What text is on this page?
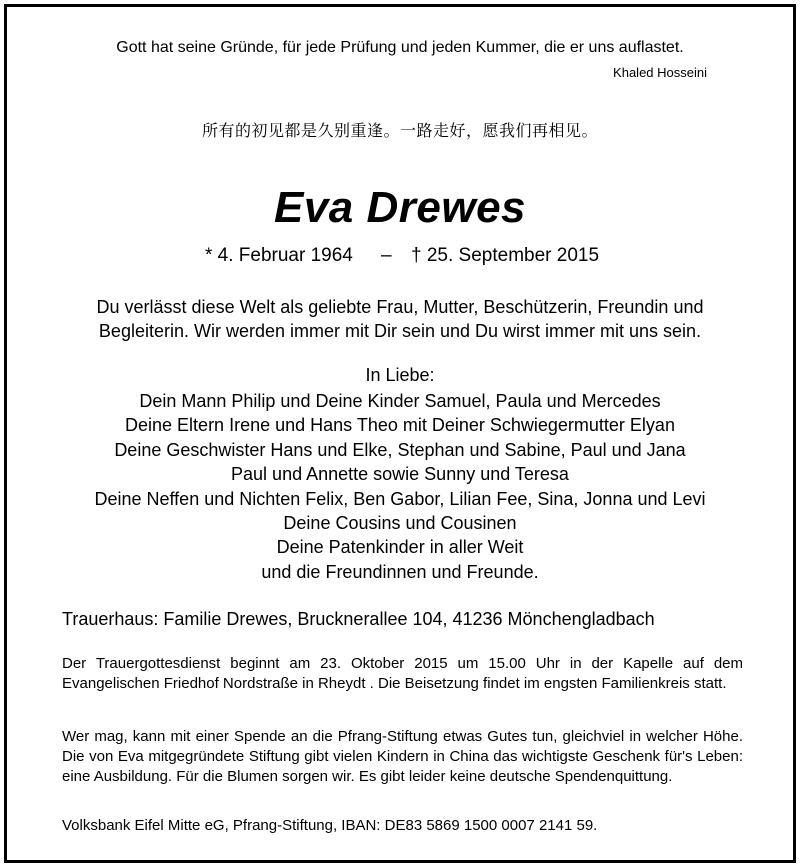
Gott hat seine Gründe, für jede Prüfung und jeden Kummer, die er uns auflastet.
Khaled Hosseini
所有的初见都是久别重逢。一路走好，愿我们再相见。
Eva Drewes
* 4. Februar 1964 – † 25. September 2015
Du verlässt diese Welt als geliebte Frau, Mutter, Beschützerin, Freundin und
Begleiterin. Wir werden immer mit Dir sein und Du wirst immer mit uns sein.
In Liebe:
Dein Mann Philip und Deine Kinder Samuel, Paula und Mercedes
Deine Eltern Irene und Hans Theo mit Deiner Schwiegermutter Elyan
Deine Geschwister Hans und Elke, Stephan und Sabine, Paul und Jana
Paul und Annette sowie Sunny und Teresa
Deine Neffen und Nichten Felix, Ben Gabor, Lilian Fee, Sina, Jonna und Levi
Deine Cousins und Cousinen
Deine Patenkinder in aller Weit
und die Freundinnen und Freunde.
Trauerhaus: Familie Drewes, Brucknerallee 104, 41236 Mönchengladbach
Der Trauergottesdienst beginnt am 23. Oktober 2015 um 15.00 Uhr in der Kapelle auf dem Evangelischen Friedhof Nordstraße in Rheydt . Die Beisetzung findet im engsten Familienkreis statt.
Wer mag, kann mit einer Spende an die Pfrang-Stiftung etwas Gutes tun, gleichviel in welcher Höhe. Die von Eva mitgegründete Stiftung gibt vielen Kindern in China das wichtigste Geschenk für's Leben: eine Ausbildung. Für die Blumen sorgen wir. Es gibt leider keine deutsche Spendenquittung.
Volksbank Eifel Mitte eG, Pfrang-Stiftung, IBAN: DE83 5869 1500 0007 2141 59.
